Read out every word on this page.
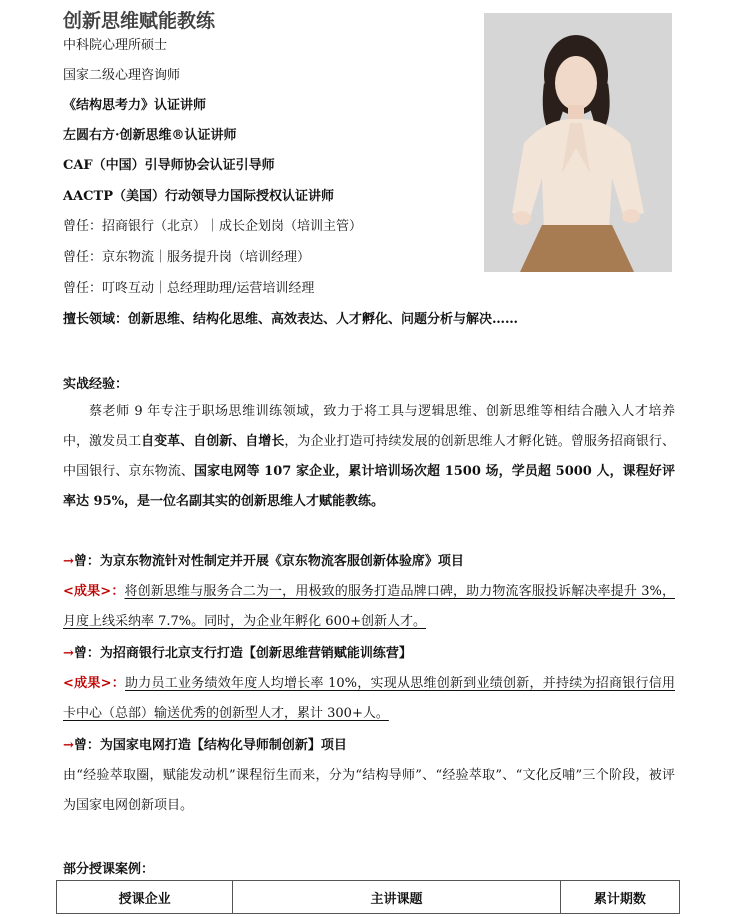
创新思维赋能教练
中科院心理所硕士
国家二级心理咨询师
《结构思考力》认证讲师
左圆右方·创新思维®认证讲师
CAF（中国）引导师协会认证引导师
AACTP（美国）行动领导力国际授权认证讲师
曾任：招商银行（北京）｜成长企划岗（培训主管）
曾任：京东物流｜服务提升岗（培训经理）
曾任：叮咚互动｜总经理助理/运营培训经理
擅长领域：创新思维、结构化思维、高效表达、人才孵化、问题分析与解决……
实战经验：
蔡老师 9 年专注于职场思维训练领域，致力于将工具与逻辑思维、创新思维等相结合融入人才培养中，激发员工自变革、自创新、自增长，为企业打造可持续发展的创新思维人才孵化链。曾服务招商银行、中国银行、京东物流、国家电网等 107 家企业，累计培训场次超 1500 场，学员超 5000 人，课程好评率达 95%，是一位名副其实的创新思维人才赋能教练。
→曾：为京东物流针对性制定并开展《京东物流客服创新体验席》项目
<成果>：将创新思维与服务合二为一，用极致的服务打造品牌口碑，助力物流客服投诉解决率提升 3%，月度上线采纳率 7.7%。同时，为企业年孵化 600+创新人才。
→曾：为招商银行北京支行打造【创新思维营销赋能训练营】
<成果>：助力员工业务绩效年度人均增长率 10%，实现从思维创新到业绩创新，并持续为招商银行信用卡中心（总部）输送优秀的创新型人才，累计 300+人。
→曾：为国家电网打造【结构化导师制创新】项目
由“经验萃取圈，赋能发动机”课程衍生而来，分为“结构导师”、“经验萃取”、“文化反哺”三个阶段，被评为国家电网创新项目。
部分授课案例：
授课企业	主讲课题	累计期数
